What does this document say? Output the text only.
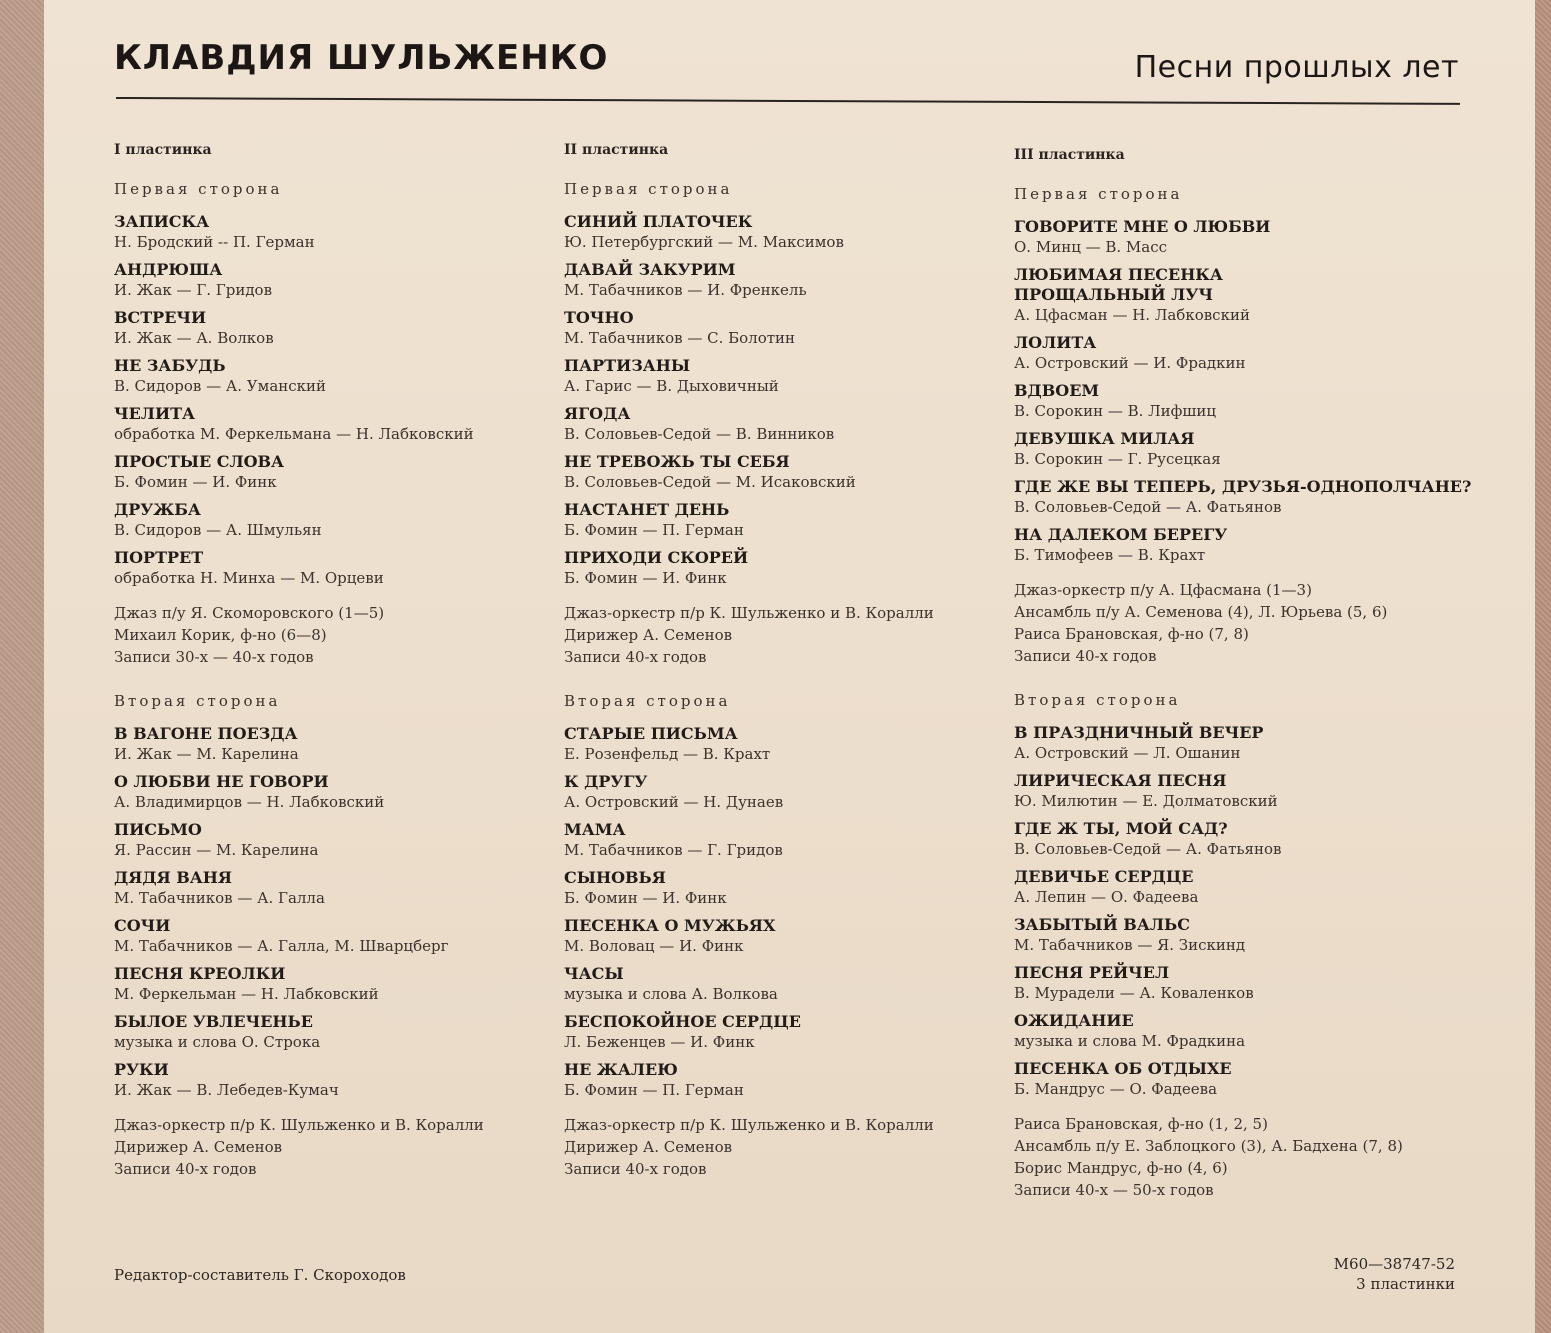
КЛАВДИЯ ШУЛЬЖЕНКО	Песни прошлых лет
I пластинка
Первая сторона
ЗАПИСКА
Н. Бродский -- П. Герман
АНДРЮША
И. Жак — Г. Гридов
ВСТРЕЧИ
И. Жак — А. Волков
НЕ ЗАБУДЬ
В. Сидоров — А. Уманский
ЧЕЛИТА
обработка М. Феркельмана — Н. Лабковский
ПРОСТЫЕ СЛОВА
Б. Фомин — И. Финк
ДРУЖБА
В. Сидоров — А. Шмульян
ПОРТРЕТ
обработка Н. Минха — М. Орцеви
Джаз п/у Я. Скоморовского (1—5)
Михаил Корик, ф-но (6—8)
Записи 30-х — 40-х годов
Вторая сторона
В ВАГОНЕ ПОЕЗДА
И. Жак — М. Карелина
О ЛЮБВИ НЕ ГОВОРИ
А. Владимирцов — Н. Лабковский
ПИСЬМО
Я. Рассин — М. Карелина
ДЯДЯ ВАНЯ
М. Табачников — А. Галла
СОЧИ
М. Табачников — А. Галла, М. Шварцберг
ПЕСНЯ КРЕОЛКИ
М. Феркельман — Н. Лабковский
БЫЛОЕ УВЛЕЧЕНЬЕ
музыка и слова О. Строка
РУКИ
И. Жак — В. Лебедев-Кумач
Джаз-оркестр п/р К. Шульженко и В. Коралли
Дирижер А. Семенов
Записи 40-х годов
II пластинка
Первая сторона
СИНИЙ ПЛАТОЧЕК
Ю. Петербургский — М. Максимов
ДАВАЙ ЗАКУРИМ
М. Табачников — И. Френкель
ТОЧНО
М. Табачников — С. Болотин
ПАРТИЗАНЫ
А. Гарис — В. Дыховичный
ЯГОДА
В. Соловьев-Седой — В. Винников
НЕ ТРЕВОЖЬ ТЫ СЕБЯ
В. Соловьев-Седой — М. Исаковский
НАСТАНЕТ ДЕНЬ
Б. Фомин — П. Герман
ПРИХОДИ СКОРЕЙ
Б. Фомин — И. Финк
Джаз-оркестр п/р К. Шульженко и В. Коралли
Дирижер А. Семенов
Записи 40-х годов
Вторая сторона
СТАРЫЕ ПИСЬМА
Е. Розенфельд — В. Крахт
К ДРУГУ
А. Островский — Н. Дунаев
МАМА
М. Табачников — Г. Гридов
СЫНОВЬЯ
Б. Фомин — И. Финк
ПЕСЕНКА О МУЖЬЯХ
М. Воловац — И. Финк
ЧАСЫ
музыка и слова А. Волкова
БЕСПОКОЙНОЕ СЕРДЦЕ
Л. Беженцев — И. Финк
НЕ ЖАЛЕЮ
Б. Фомин — П. Герман
Джаз-оркестр п/р К. Шульженко и В. Коралли
Дирижер А. Семенов
Записи 40-х годов
III пластинка
Первая сторона
ГОВОРИТЕ МНЕ О ЛЮБВИ
О. Минц — В. Масс
ЛЮБИМАЯ ПЕСЕНКА
ПРОЩАЛЬНЫЙ ЛУЧ
А. Цфасман — Н. Лабковский
ЛОЛИТА
А. Островский — И. Фрадкин
ВДВОЕМ
В. Сорокин — В. Лифшиц
ДЕВУШКА МИЛАЯ
В. Сорокин — Г. Русецкая
ГДЕ ЖЕ ВЫ ТЕПЕРЬ, ДРУЗЬЯ-ОДНОПОЛЧАНЕ?
В. Соловьев-Седой — А. Фатьянов
НА ДАЛЕКОМ БЕРЕГУ
Б. Тимофеев — В. Крахт
Джаз-оркестр п/у А. Цфасмана (1—3)
Ансамбль п/у А. Семенова (4), Л. Юрьева (5, 6)
Раиса Брановская, ф-но (7, 8)
Записи 40-х годов
Вторая сторона
В ПРАЗДНИЧНЫЙ ВЕЧЕР
А. Островский — Л. Ошанин
ЛИРИЧЕСКАЯ ПЕСНЯ
Ю. Милютин — Е. Долматовский
ГДЕ Ж ТЫ, МОЙ САД?
В. Соловьев-Седой — А. Фатьянов
ДЕВИЧЬЕ СЕРДЦЕ
А. Лепин — О. Фадеева
ЗАБЫТЫЙ ВАЛЬС
М. Табачников — Я. Зискинд
ПЕСНЯ РЕЙЧЕЛ
В. Мурадели — А. Коваленков
ОЖИДАНИЕ
музыка и слова М. Фрадкина
ПЕСЕНКА ОБ ОТДЫХЕ
Б. Мандрус — О. Фадеева
Раиса Брановская, ф-но (1, 2, 5)
Ансамбль п/у Е. Заблоцкого (3), А. Бадхена (7, 8)
Борис Мандрус, ф-но (4, 6)
Записи 40-х — 50-х годов
Редактор-составитель Г. Скороходов
М60—38747-52
3 пластинки
